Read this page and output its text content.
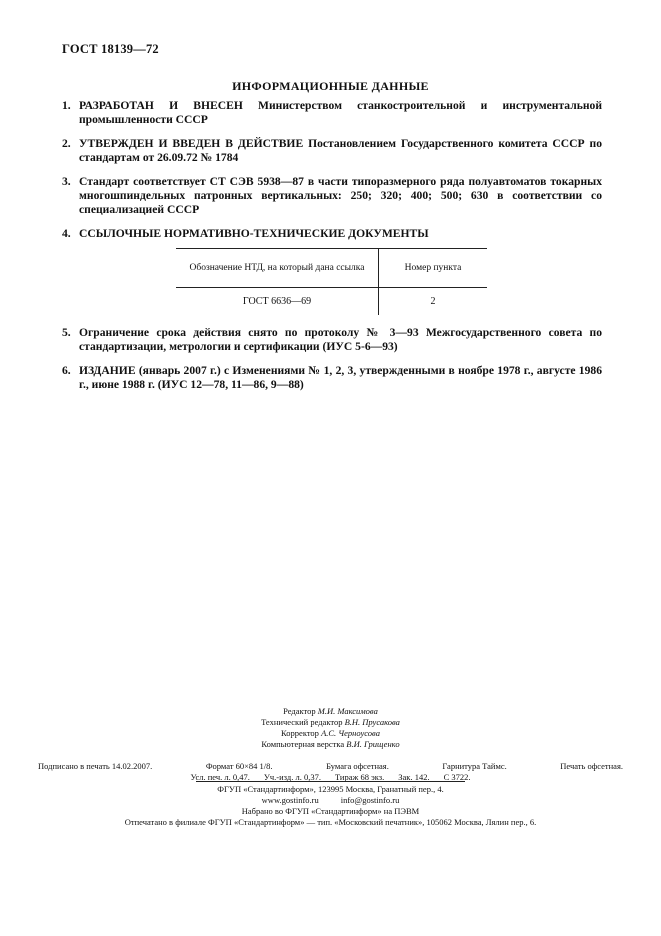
ГОСТ 18139—72
ИНФОРМАЦИОННЫЕ ДАННЫЕ
1. РАЗРАБОТАН И ВНЕСЕН Министерством станкостроительной и инструментальной промышленности СССР
2. УТВЕРЖДЕН И ВВЕДЕН В ДЕЙСТВИЕ Постановлением Государственного комитета СССР по стандартам от 26.09.72 № 1784
3. Стандарт соответствует СТ СЭВ 5938—87 в части типоразмерного ряда полуавтоматов токарных многошпиндельных патронных вертикальных: 250; 320; 400; 500; 630 в соответствии со специализацией СССР
4. ССЫЛОЧНЫЕ НОРМАТИВНО-ТЕХНИЧЕСКИЕ ДОКУМЕНТЫ
Обозначение НТД, на который дана ссылка	Номер пункта
ГОСТ 6636—69	2
5. Ограничение срока действия снято по протоколу № 3—93 Межгосударственного совета по стандартизации, метрологии и сертификации (ИУС 5-6—93)
6. ИЗДАНИЕ (январь 2007 г.) с Изменениями № 1, 2, 3, утвержденными в ноябре 1978 г., августе 1986 г., июне 1988 г. (ИУС 12—78, 11—86, 9—88)
Редактор М.И. Максимова
Технический редактор В.Н. Прусакова
Корректор А.С. Черноусова
Компьютерная верстка В.И. Грищенко
Подписано в печать 14.02.2007.	Формат 60×84 1/8.	Бумага офсетная.	Гарнитура Таймс.	Печать офсетная.
Усл. печ. л. 0,47. Уч.-изд. л. 0,37. Тираж 68 экз. Зак. 142. С 3722.
ФГУП «Стандартинформ», 123995 Москва, Гранатный пер., 4.
www.gostinfo.ru	info@gostinfo.ru
Набрано во ФГУП «Стандартинформ» на ПЭВМ
Отпечатано в филиале ФГУП «Стандартинформ» — тип. «Московский печатник», 105062 Москва, Лялин пер., 6.
